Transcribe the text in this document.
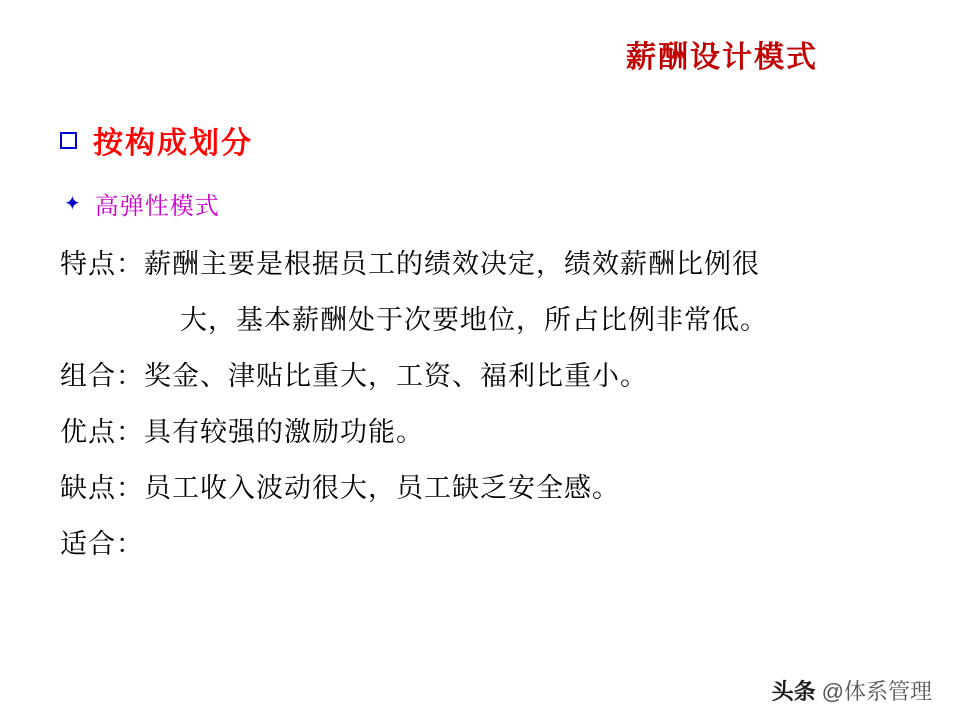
薪酬设计模式
按构成划分
✦ 高弹性模式
特点：薪酬主要是根据员工的绩效决定，绩效薪酬比例很
大，基本薪酬处于次要地位，所占比例非常低。
组合：奖金、津贴比重大，工资、福利比重小。
优点：具有较强的激励功能。
缺点：员工收入波动很大，员工缺乏安全感。
适合：
头条 @体系管理
